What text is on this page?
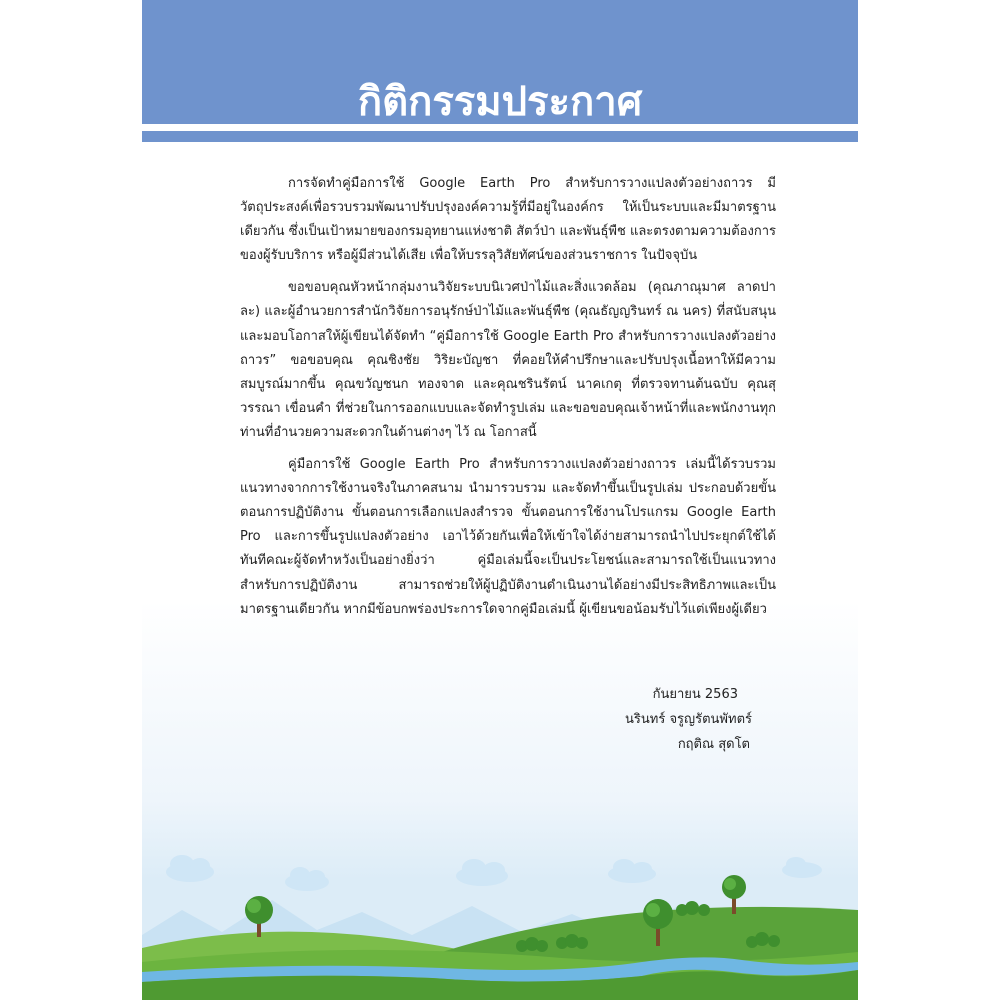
กิติกรรมประกาศ

การจัดทำคู่มือการใช้ Google Earth Pro สำหรับการวางแปลงตัวอย่างถาวร มีวัตถุประสงค์เพื่อรวบรวมพัฒนาปรับปรุงองค์ความรู้ที่มีอยู่ในองค์กร ให้เป็นระบบและมีมาตรฐานเดียวกัน ซึ่งเป็นเป้าหมายของกรมอุทยานแห่งชาติ สัตว์ป่า และพันธุ์พืช และตรงตามความต้องการของผู้รับบริการ หรือผู้มีส่วนได้เสีย เพื่อให้บรรลุวิสัยทัศน์ของส่วนราชการ ในปัจจุบัน

ขอขอบคุณหัวหน้ากลุ่มงานวิจัยระบบนิเวศป่าไม้และสิ่งแวดล้อม (คุณภาณุมาศ ลาดปาละ) และผู้อำนวยการสำนักวิจัยการอนุรักษ์ป่าไม้และพันธุ์พืช (คุณธัญญรินทร์ ณ นคร) ที่สนับสนุนและมอบโอกาสให้ผู้เขียนได้จัดทำ “คู่มือการใช้ Google Earth Pro สำหรับการวางแปลงตัวอย่างถาวร” ขอขอบคุณ คุณชิงชัย วิริยะบัญชา ที่คอยให้คำปรึกษาและปรับปรุงเนื้อหาให้มีความสมบูรณ์มากขึ้น คุณขวัญชนก ทองจาด และคุณชรินรัตน์ นาคเกตุ ที่ตรวจทานต้นฉบับ คุณสุวรรณา เขื่อนคำ ที่ช่วยในการออกแบบและจัดทำรูปเล่ม และขอขอบคุณเจ้าหน้าที่และพนักงานทุกท่านที่อำนวยความสะดวกในด้านต่างๆ ไว้ ณ โอกาสนี้

คู่มือการใช้ Google Earth Pro สำหรับการวางแปลงตัวอย่างถาวร เล่มนี้ได้รวบรวมแนวทางจากการใช้งานจริงในภาคสนาม นำมารวบรวม และจัดทำขึ้นเป็นรูปเล่ม ประกอบด้วยขั้นตอนการปฏิบัติงาน ขั้นตอนการเลือกแปลงสำรวจ ขั้นตอนการใช้งานโปรแกรม Google Earth Pro และการขึ้นรูปแปลงตัวอย่าง เอาไว้ด้วยกันเพื่อให้เข้าใจได้ง่ายสามารถนำไปประยุกต์ใช้ได้ทันทีคณะผู้จัดทำหวังเป็นอย่างยิ่งว่า คู่มือเล่มนี้จะเป็นประโยชน์และสามารถใช้เป็นแนวทางสำหรับการปฏิบัติงาน สามารถช่วยให้ผู้ปฏิบัติงานดำเนินงานได้อย่างมีประสิทธิภาพและเป็นมาตรฐานเดียวกัน หากมีข้อบกพร่องประการใดจากคู่มือเล่มนี้ ผู้เขียนขอน้อมรับไว้แต่เพียงผู้เดียว

กันยายน 2563
นรินทร์ จรูญรัตนพัทตร์
กฤติณ สุดโต
